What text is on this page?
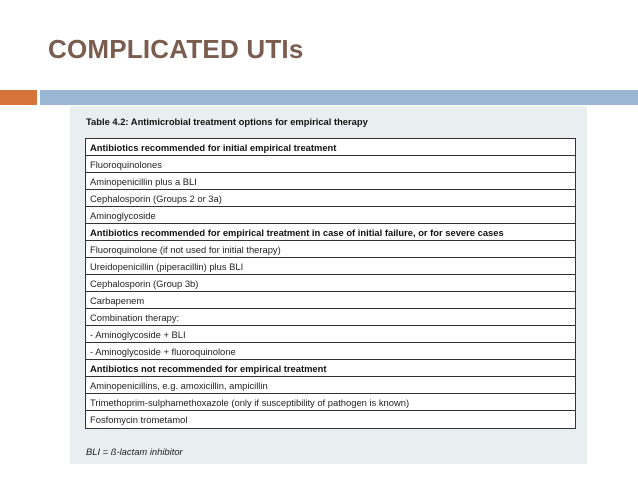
COMPLICATED UTIs
Table 4.2: Antimicrobial treatment options for empirical therapy
Antibiotics recommended for initial empirical treatment
Fluoroquinolones
Aminopenicillin plus a BLI
Cephalosporin (Groups 2 or 3a)
Aminoglycoside
Antibiotics recommended for empirical treatment in case of initial failure, or for severe cases
Fluoroquinolone (if not used for initial therapy)
Ureidopenicillin (piperacillin) plus BLI
Cephalosporin (Group 3b)
Carbapenem
Combination therapy:
- Aminoglycoside + BLI
- Aminoglycoside + fluoroquinolone
Antibiotics not recommended for empirical treatment
Aminopenicillins, e.g. amoxicillin, ampicillin
Trimethoprim-sulphamethoxazole (only if susceptibility of pathogen is known)
Fosfomycin trometamol
BLI = ß-lactam inhibitor
